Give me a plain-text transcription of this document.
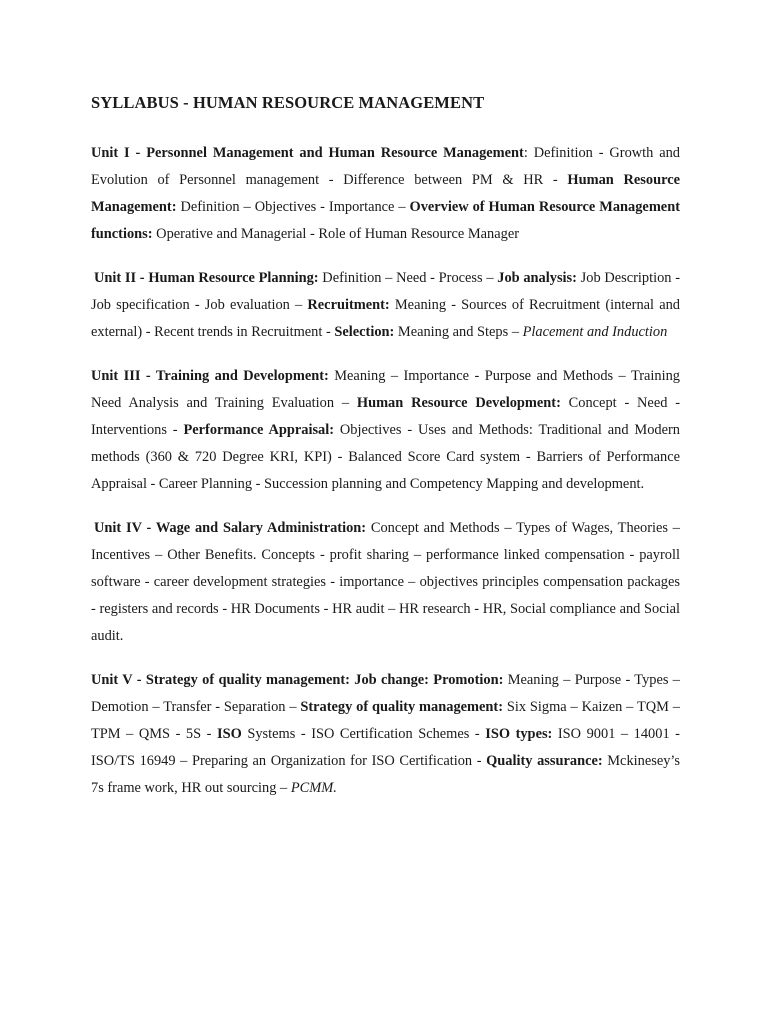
SYLLABUS - HUMAN RESOURCE MANAGEMENT

Unit I - Personnel Management and Human Resource Management: Definition - Growth and Evolution of Personnel management - Difference between PM & HR - Human Resource Management: Definition – Objectives - Importance – Overview of Human Resource Management functions: Operative and Managerial - Role of Human Resource Manager

Unit II - Human Resource Planning: Definition – Need - Process – Job analysis: Job Description - Job specification - Job evaluation – Recruitment: Meaning - Sources of Recruitment (internal and external) - Recent trends in Recruitment - Selection: Meaning and Steps – Placement and Induction

Unit III - Training and Development: Meaning – Importance - Purpose and Methods – Training Need Analysis and Training Evaluation – Human Resource Development: Concept - Need - Interventions - Performance Appraisal: Objectives - Uses and Methods: Traditional and Modern methods (360 & 720 Degree KRI, KPI) - Balanced Score Card system - Barriers of Performance Appraisal - Career Planning - Succession planning and Competency Mapping and development.

Unit IV - Wage and Salary Administration: Concept and Methods – Types of Wages, Theories – Incentives – Other Benefits. Concepts - profit sharing – performance linked compensation - payroll software - career development strategies - importance – objectives principles compensation packages - registers and records - HR Documents - HR audit – HR research - HR, Social compliance and Social audit.

Unit V - Strategy of quality management: Job change: Promotion: Meaning – Purpose - Types – Demotion – Transfer - Separation – Strategy of quality management: Six Sigma – Kaizen – TQM – TPM – QMS - 5S - ISO Systems - ISO Certification Schemes - ISO types: ISO 9001 – 14001 - ISO/TS 16949 – Preparing an Organization for ISO Certification - Quality assurance: Mckinesey’s 7s frame work, HR out sourcing – PCMM.
